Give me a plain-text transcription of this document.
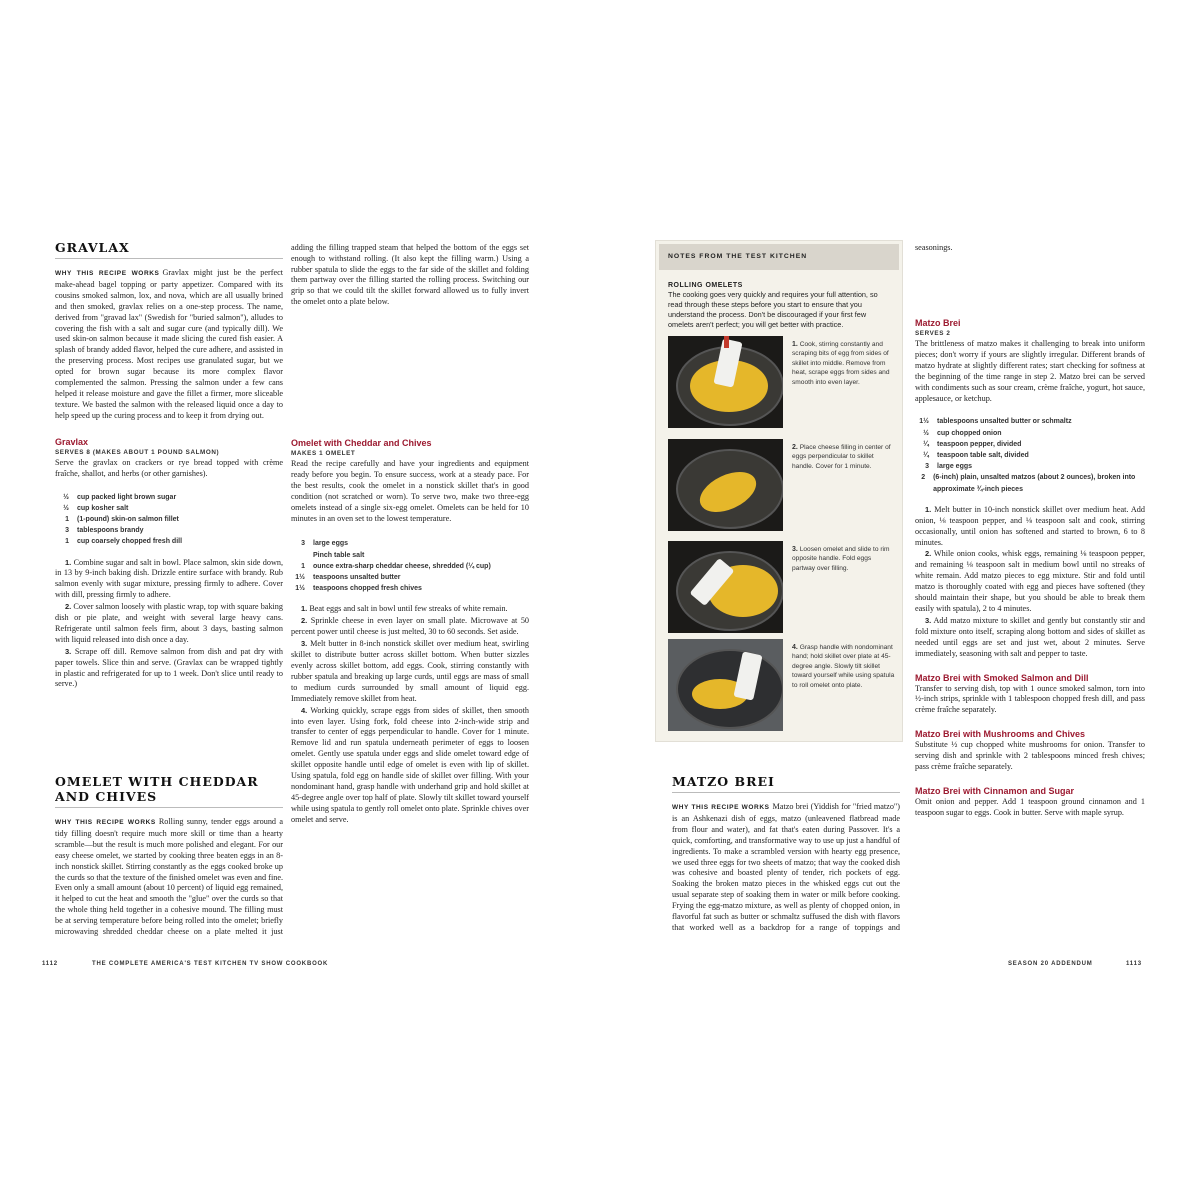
GRAVLAX

WHY THIS RECIPE WORKS Gravlax might just be the perfect make-ahead bagel topping or party appetizer. Compared with its cousins smoked salmon, lox, and nova, which are all usually brined and then smoked, gravlax relies on a one-step process. The name, derived from "gravad lax" (Swedish for "buried salmon"), alludes to covering the fish with a salt and sugar cure (and typically dill). We used skin-on salmon because it made slicing the cured fish easier. A splash of brandy added flavor, helped the cure adhere, and assisted in the preserving process. Most recipes use granulated sugar, but we opted for brown sugar because its more complex flavor complemented the salmon. Pressing the salmon under a few cans helped it release moisture and gave the fillet a firmer, more sliceable texture. We basted the salmon with the released liquid once a day to help speed up the curing process and to keep it from drying out.

Gravlax
SERVES 8 (MAKES ABOUT 1 POUND SALMON)

Serve the gravlax on crackers or rye bread topped with crème fraîche, shallot, and herbs (or other garnishes).

½ cup packed light brown sugar
½ cup kosher salt
1 (1-pound) skin-on salmon fillet
3 tablespoons brandy
1 cup coarsely chopped fresh dill

1. Combine sugar and salt in bowl. Place salmon, skin side down, in 13 by 9-inch baking dish. Drizzle entire surface with brandy. Rub salmon evenly with sugar mixture, pressing firmly to adhere. Cover with dill, pressing firmly to adhere.

2. Cover salmon loosely with plastic wrap, top with square baking dish or pie plate, and weight with several large heavy cans. Refrigerate until salmon feels firm, about 3 days, basting salmon with liquid released into dish once a day.

3. Scrape off dill. Remove salmon from dish and pat dry with paper towels. Slice thin and serve. (Gravlax can be wrapped tightly in plastic and refrigerated for up to 1 week. Don't slice until ready to serve.)

OMELET WITH CHEDDAR
AND CHIVES

WHY THIS RECIPE WORKS Rolling sunny, tender eggs around a tidy filling doesn't require much more skill or time than a hearty scramble—but the result is much more polished and elegant. For our easy cheese omelet, we started by cooking three beaten eggs in an 8-inch nonstick skillet. Stirring constantly as the eggs cooked broke up the curds so that the texture of the finished omelet was even and fine. Even only a small amount (about 10 percent) of liquid egg remained, it helped to cut the heat and smooth the "glue" over the curds so that the whole thing held together in a cohesive mound. The filling must be at serving temperature before being rolled into the omelet; briefly microwaving shredded cheddar cheese on a plate melted it just

adding the filling trapped steam that helped the bottom of the eggs set enough to withstand rolling. (It also kept the filling warm.) Using a rubber spatula to slide the eggs to the far side of the skillet and folding them partway over the filling started the rolling process. Switching our grip so that we could tilt the skillet forward allowed us to fully invert the omelet onto a plate below.

Omelet with Cheddar and Chives
MAKES 1 OMELET

Read the recipe carefully and have your ingredients and equipment ready before you begin. To ensure success, work at a steady pace. For the best results, cook the omelet in a nonstick skillet that's in good condition (not scratched or worn). To serve two, make two three-egg omelets instead of a single six-egg omelet. Omelets can be held for 10 minutes in an oven set to the lowest temperature.

3 large eggs
Pinch table salt
1 ounce extra-sharp cheddar cheese, shredded (¼ cup)
1½ teaspoons unsalted butter
1½ teaspoons chopped fresh chives

1. Beat eggs and salt in bowl until few streaks of white remain.

2. Sprinkle cheese in even layer on small plate. Microwave at 50 percent power until cheese is just melted, 30 to 60 seconds. Set aside.

3. Melt butter in 8-inch nonstick skillet over medium heat, swirling skillet to distribute butter across skillet bottom. When butter sizzles evenly across skillet bottom, add eggs. Cook, stirring constantly with rubber spatula and breaking up large curds, until eggs are mass of small to medium curds surrounded by small amount of liquid egg. Immediately remove skillet from heat.

4. Working quickly, scrape eggs from sides of skillet, then smooth into even layer. Using fork, fold cheese into 2-inch-wide strip and transfer to center of eggs perpendicular to handle. Cover for 1 minute. Remove lid and run spatula underneath perimeter of eggs to loosen omelet. Gently use spatula under eggs and slide omelet toward edge of skillet opposite handle until edge of omelet is even with lip of skillet. Using spatula, fold egg on handle side of skillet over filling. With your nondominant hand, grasp handle with underhand grip and hold skillet at 45-degree angle over top half of plate. Slowly tilt skillet toward yourself while using spatula to gently roll omelet onto plate. Sprinkle chives over omelet and serve.

1112	THE COMPLETE AMERICA'S TEST KITCHEN TV SHOW COOKBOOK
NOTES FROM THE TEST KITCHEN
ROLLING OMELETS
The cooking goes very quickly and requires your full attention, so read through these steps before you start to ensure that you understand the process. Don't be discouraged if your first few omelets aren't perfect; you will get better with practice.
1. Cook, stirring constantly and scraping bits of egg from sides of skillet into middle. Remove from heat, scrape eggs from sides and smooth into even layer.
2. Place cheese filling in center of eggs perpendicular to skillet handle. Cover for 1 minute.
3. Loosen omelet and slide to rim opposite handle. Fold eggs partway over filling.
4. Grasp handle with nondominant hand; hold skillet over plate at 45-degree angle. Slowly tilt skillet toward yourself while using spatula to roll omelet onto plate.
MATZO BREI

WHY THIS RECIPE WORKS Matzo brei (Yiddish for "fried matzo") is an Ashkenazi dish of eggs, matzo (unleavened flatbread made from flour and water), and fat that's eaten during Passover. It's a quick, comforting, and transformative way to use up just a handful of ingredients. To make a scrambled version with hearty egg presence, we used three eggs for two sheets of matzo; that way the cooked dish was cohesive and boasted plenty of tender, rich pockets of egg. Soaking the broken matzo pieces in the whisked eggs cut out the usual separate step of soaking them in water or milk before cooking. Frying the egg-matzo mixture, as well as plenty of chopped onion, in flavorful fat such as butter or schmaltz suffused the dish with flavors that worked well as a backdrop for a range of toppings and

seasonings.

Matzo Brei
SERVES 2

The brittleness of matzo makes it challenging to break into uniform pieces; don't worry if yours are slightly irregular. Different brands of matzo hydrate at slightly different rates; start checking for softness at the beginning of the time range in step 2. Matzo brei can be served with condiments such as sour cream, crème fraîche, yogurt, hot sauce, applesauce, or ketchup.

1½ tablespoons unsalted butter or schmaltz
½ cup chopped onion
¼ teaspoon pepper, divided
¼ teaspoon table salt, divided
3 large eggs
2 (6-inch) plain, unsalted matzos (about 2 ounces), broken into approximate ¾-inch pieces

1. Melt butter in 10-inch nonstick skillet over medium heat. Add onion, ⅛ teaspoon pepper, and ⅛ teaspoon salt and cook, stirring occasionally, until onion has softened and started to brown, 6 to 8 minutes.

2. While onion cooks, whisk eggs, remaining ⅛ teaspoon pepper, and remaining ⅛ teaspoon salt in medium bowl until no streaks of white remain. Add matzo pieces to egg mixture. Stir and fold until matzo is thoroughly coated with egg and pieces have softened (they should maintain their shape, but you should be able to break them easily with spatula), 2 to 4 minutes.

3. Add matzo mixture to skillet and gently but constantly stir and fold mixture onto itself, scraping along bottom and sides of skillet as needed until eggs are set and just wet, about 2 minutes. Serve immediately, seasoning with salt and pepper to taste.

Matzo Brei with Smoked Salmon and Dill

Transfer to serving dish, top with 1 ounce smoked salmon, torn into ½-inch strips, sprinkle with 1 tablespoon chopped fresh dill, and pass crème fraîche separately.

Matzo Brei with Mushrooms and Chives

Substitute ½ cup chopped white mushrooms for onion. Transfer to serving dish and sprinkle with 2 tablespoons minced fresh chives; pass crème fraîche separately.

Matzo Brei with Cinnamon and Sugar

Omit onion and pepper. Add 1 teaspoon ground cinnamon and 1 teaspoon sugar to eggs. Cook in butter. Serve with maple syrup.

SEASON 20 ADDENDUM	1113
